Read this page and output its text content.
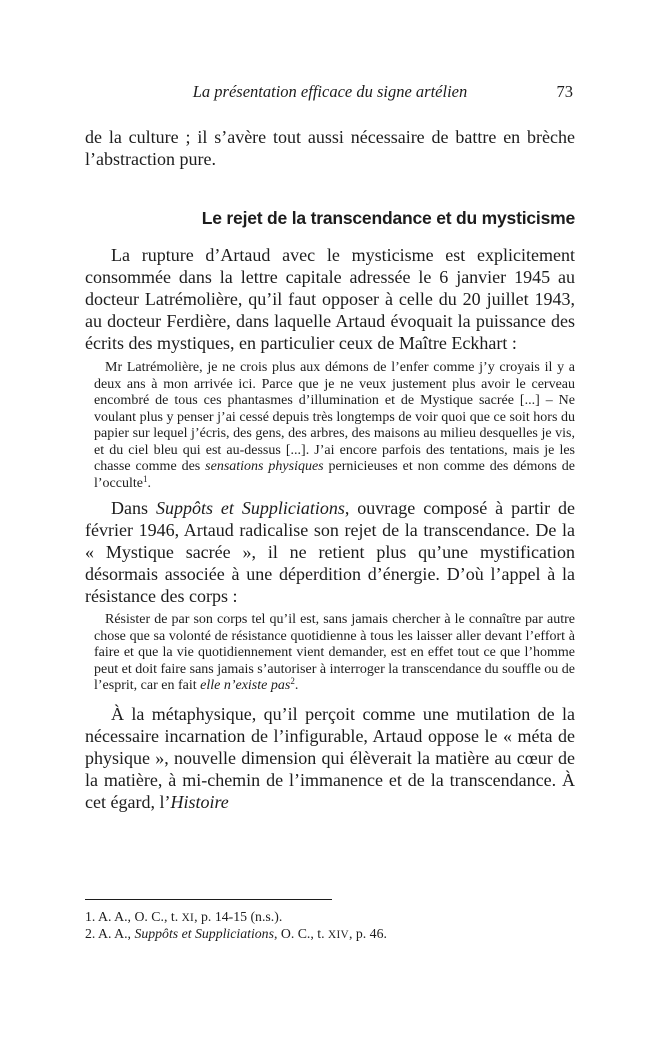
La présentation efficace du signe artélien	73

de la culture ; il s’avère tout aussi nécessaire de battre en brèche l’abstraction pure.

Le rejet de la transcendance et du mysticisme

La rupture d’Artaud avec le mysticisme est explicitement consommée dans la lettre capitale adressée le 6 janvier 1945 au docteur Latrémolière, qu’il faut opposer à celle du 20 juillet 1943, au docteur Ferdière, dans laquelle Artaud évoquait la puissance des écrits des mystiques, en particulier ceux de Maître Eckhart :

Mr Latrémolière, je ne crois plus aux démons de l’enfer comme j’y croyais il y a deux ans à mon arrivée ici. Parce que je ne veux justement plus avoir le cerveau encombré de tous ces phantasmes d’illumination et de Mystique sacrée [...] – Ne voulant plus y penser j’ai cessé depuis très longtemps de voir quoi que ce soit hors du papier sur lequel j’écris, des gens, des arbres, des maisons au milieu desquelles je vis, et du ciel bleu qui est au-dessus [...]. J’ai encore parfois des tentations, mais je les chasse comme des sensations physiques pernicieuses et non comme des démons de l’occulte$^1$.

Dans Suppôts et Suppliciations, ouvrage composé à partir de février 1946, Artaud radicalise son rejet de la transcendance. De la « Mystique sacrée », il ne retient plus qu’une mystification désormais associée à une déperdition d’énergie. D’où l’appel à la résistance des corps :

Résister de par son corps tel qu’il est, sans jamais chercher à le connaître par autre chose que sa volonté de résistance quotidienne à tous les laisser aller devant l’effort à faire et que la vie quotidiennement vient demander, est en effet tout ce que l’homme peut et doit faire sans jamais s’autoriser à interroger la transcendance du souffle ou de l’esprit, car en fait elle n’existe pas$^2$.

À la métaphysique, qu’il perçoit comme une mutilation de la nécessaire incarnation de l’infigurable, Artaud oppose le « méta de physique », nouvelle dimension qui élèverait la matière au cœur de la matière, à mi-chemin de l’immanence et de la transcendance. À cet égard, l’Histoire

1. A. A., O. C., t. XI, p. 14-15 (n.s.).

2. A. A., Suppôts et Suppliciations, O. C., t. XIV, p. 46.
